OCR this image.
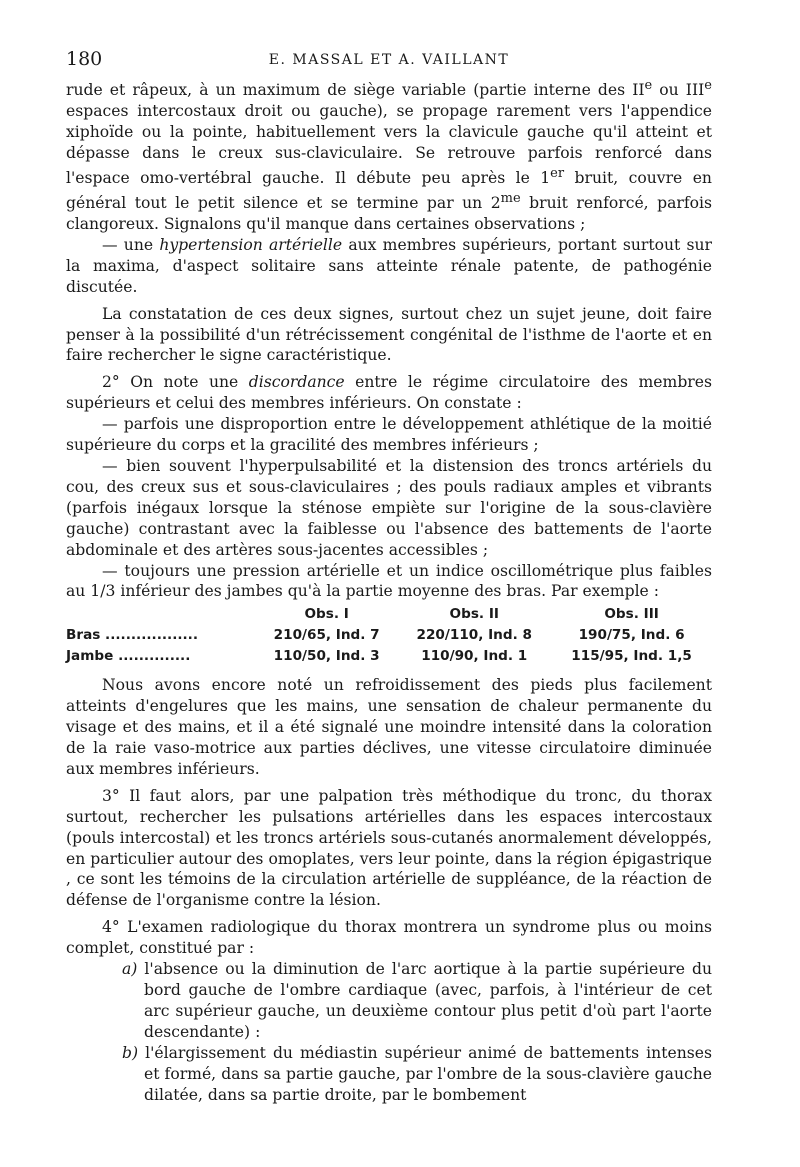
180	E. MASSAL ET A. VAILLANT

rude et râpeux, à un maximum de siège variable (partie interne des IIe ou IIIe espaces intercostaux droit ou gauche), se propage rarement vers l'appendice xiphoïde ou la pointe, habituellement vers la clavicule gauche qu'il atteint et dépasse dans le creux sus-claviculaire. Se retrouve parfois renforcé dans l'espace omo-vertébral gauche. Il débute peu après le 1er bruit, couvre en général tout le petit silence et se termine par un $2^{me}$ bruit renforcé, parfois clangoreux. Signalons qu'il manque dans certaines observations ;

— une hypertension artérielle aux membres supérieurs, portant surtout sur la maxima, d'aspect solitaire sans atteinte rénale patente, de pathogénie discutée.

La constatation de ces deux signes, surtout chez un sujet jeune, doit faire penser à la possibilité d'un rétrécissement congénital de l'isthme de l'aorte et en faire rechercher le signe caractéristique.

2° On note une discordance entre le régime circulatoire des membres supérieurs et celui des membres inférieurs. On constate :

— parfois une disproportion entre le développement athlétique de la moitié supérieure du corps et la gracilité des membres inférieurs ;

— bien souvent l'hyperpulsabilité et la distension des troncs artériels du cou, des creux sus et sous-claviculaires ; des pouls radiaux amples et vibrants (parfois inégaux lorsque la sténose empiète sur l'origine de la sous-clavière gauche) contrastant avec la faiblesse ou l'absence des battements de l'aorte abdominale et des artères sous-jacentes accessibles ;

— toujours une pression artérielle et un indice oscillométrique plus faibles au 1/3 inférieur des jambes qu'à la partie moyenne des bras. Par exemple :

	Obs. I	Obs. II	Obs. III
Bras ..................	210/65, Ind. 7	220/110, Ind. 8	190/75, Ind. 6
Jambe ..............	110/50, Ind. 3	110/90, Ind. 1	115/95, Ind. 1,5

Nous avons encore noté un refroidissement des pieds plus facilement atteints d'engelures que les mains, une sensation de chaleur permanente du visage et des mains, et il a été signalé une moindre intensité dans la coloration de la raie vaso-motrice aux parties déclives, une vitesse circulatoire diminuée aux membres inférieurs.

3° Il faut alors, par une palpation très méthodique du tronc, du thorax surtout, rechercher les pulsations artérielles dans les espaces intercostaux (pouls intercostal) et les troncs artériels sous-cutanés anormalement développés, en particulier autour des omoplates, vers leur pointe, dans la région épigastrique , ce sont les témoins de la circulation artérielle de suppléance, de la réaction de défense de l'organisme contre la lésion.

4° L'examen radiologique du thorax montrera un syndrome plus ou moins complet, constitué par :

a) l'absence ou la diminution de l'arc aortique à la partie supérieure du bord gauche de l'ombre cardiaque (avec, parfois, à l'intérieur de cet arc supérieur gauche, un deuxième contour plus petit d'où part l'aorte descendante) :

b) l'élargissement du médiastin supérieur animé de battements intenses et formé, dans sa partie gauche, par l'ombre de la sous-clavière gauche dilatée, dans sa partie droite, par le bombement
